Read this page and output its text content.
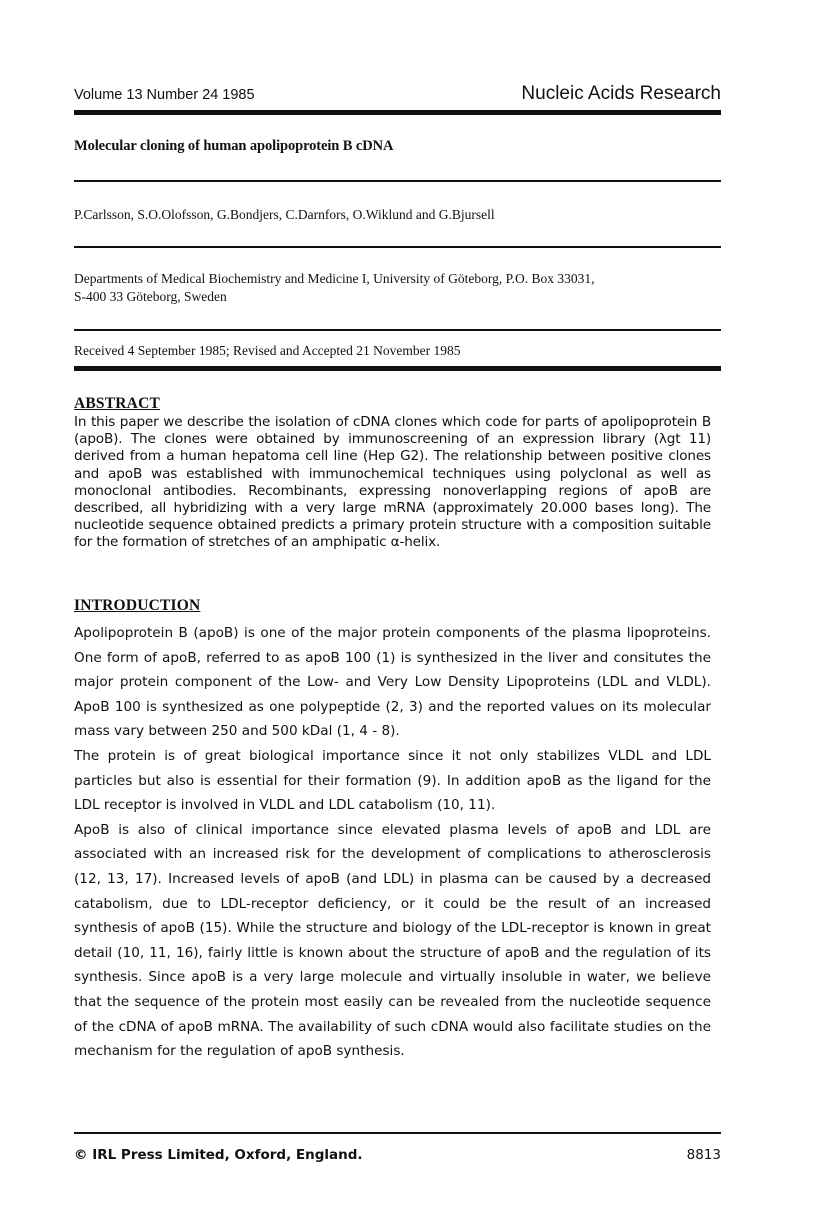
Volume 13 Number 24 1985	Nucleic Acids Research
Molecular cloning of human apolipoprotein B cDNA
P.Carlsson, S.O.Olofsson, G.Bondjers, C.Darnfors, O.Wiklund and G.Bjursell
Departments of Medical Biochemistry and Medicine I, University of Göteborg, P.O. Box 33031,
S-400 33 Göteborg, Sweden
Received 4 September 1985; Revised and Accepted 21 November 1985
ABSTRACT
In this paper we describe the isolation of cDNA clones which code for parts of apolipoprotein B (apoB). The clones were obtained by immunoscreening of an expression library (λgt 11) derived from a human hepatoma cell line (Hep G2). The relationship between positive clones and apoB was established with immunochemical techniques using polyclonal as well as monoclonal antibodies. Recombinants, expressing nonoverlapping regions of apoB are described, all hybridizing with a very large mRNA (approximately 20.000 bases long). The nucleotide sequence obtained predicts a primary protein structure with a composition suitable for the formation of stretches of an amphipatic α-helix.
INTRODUCTION

Apolipoprotein B (apoB) is one of the major protein components of the plasma lipoproteins. One form of apoB, referred to as apoB 100 (1) is synthesized in the liver and consitutes the major protein component of the Low- and Very Low Density Lipoproteins (LDL and VLDL). ApoB 100 is synthesized as one polypeptide (2, 3) and the reported values on its molecular mass vary between 250 and 500 kDal (1, 4 - 8).

The protein is of great biological importance since it not only stabilizes VLDL and LDL particles but also is essential for their formation (9). In addition apoB as the ligand for the LDL receptor is involved in VLDL and LDL catabolism (10, 11).

ApoB is also of clinical importance since elevated plasma levels of apoB and LDL are associated with an increased risk for the development of complications to atherosclerosis (12, 13, 17). Increased levels of apoB (and LDL) in plasma can be caused by a decreased catabolism, due to LDL-receptor deficiency, or it could be the result of an increased synthesis of apoB (15). While the structure and biology of the LDL-receptor is known in great detail (10, 11, 16), fairly little is known about the structure of apoB and the regulation of its synthesis. Since apoB is a very large molecule and virtually insoluble in water, we believe that the sequence of the protein most easily can be revealed from the nucleotide sequence of the cDNA of apoB mRNA. The availability of such cDNA would also facilitate studies on the mechanism for the regulation of apoB synthesis.

© IRL Press Limited, Oxford, England.	8813
